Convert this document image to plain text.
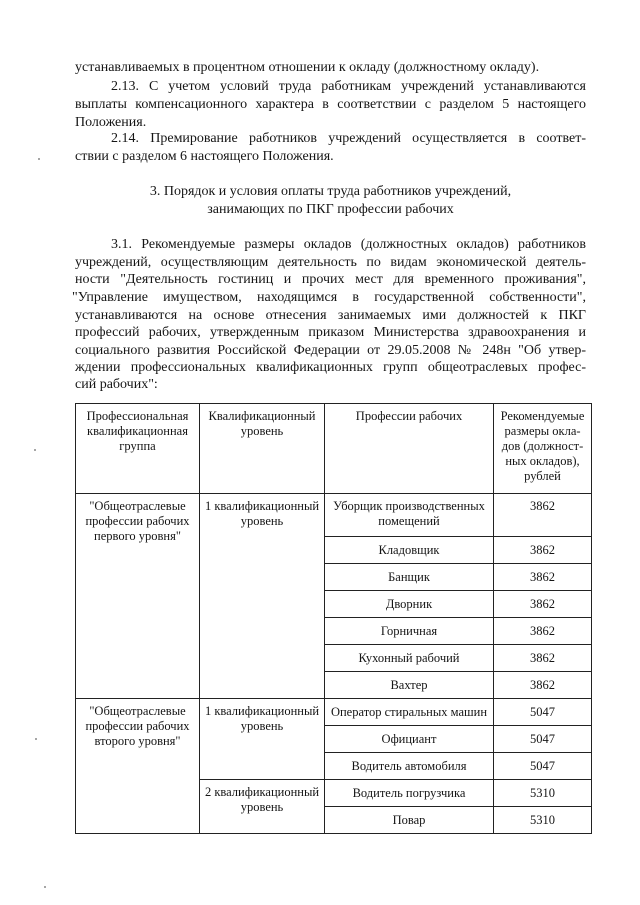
устанавливаемых в процентном отношении к окладу (должностному окладу).
2.13. С учетом условий труда работникам учреждений устанавливаются
выплаты компенсационного характера в соответствии с разделом 5 настоящего
Положения.
2.14. Премирование работников учреждений осуществляется в соответ-
ствии с разделом 6 настоящего Положения.
3. Порядок и условия оплаты труда работников учреждений,
занимающих по ПКГ профессии рабочих
3.1. Рекомендуемые размеры окладов (должностных окладов) работников
учреждений, осуществляющим деятельность по видам экономической деятель-
ности "Деятельность гостиниц и прочих мест для временного проживания",
"Управление имуществом, находящимся в государственной собственности",
устанавливаются на основе отнесения занимаемых ими должностей к ПКГ
профессий рабочих, утвержденным приказом Министерства здравоохранения и
социального развития Российской Федерации от 29.05.2008 № 248н "Об утвер-
ждении профессиональных квалификационных групп общеотраслевых профес-
сий рабочих":
Профессиональная квалификационная группа	Квалификационный уровень	Профессии рабочих	Рекомендуемые размеры окла-дов (должност-ных окладов), рублей
"Общеотраслевые профессии рабочих первого уровня"	1 квалификационный уровень	Уборщик производственных помещений	3862
		Кладовщик	3862
		Банщик	3862
		Дворник	3862
		Горничная	3862
		Кухонный рабочий	3862
		Вахтер	3862
"Общеотраслевые профессии рабочих второго уровня"	1 квалификационный уровень	Оператор стиральных машин	5047
		Официант	5047
		Водитель автомобиля	5047
	2 квалификационный уровень	Водитель погрузчика	5310
		Повар	5310
